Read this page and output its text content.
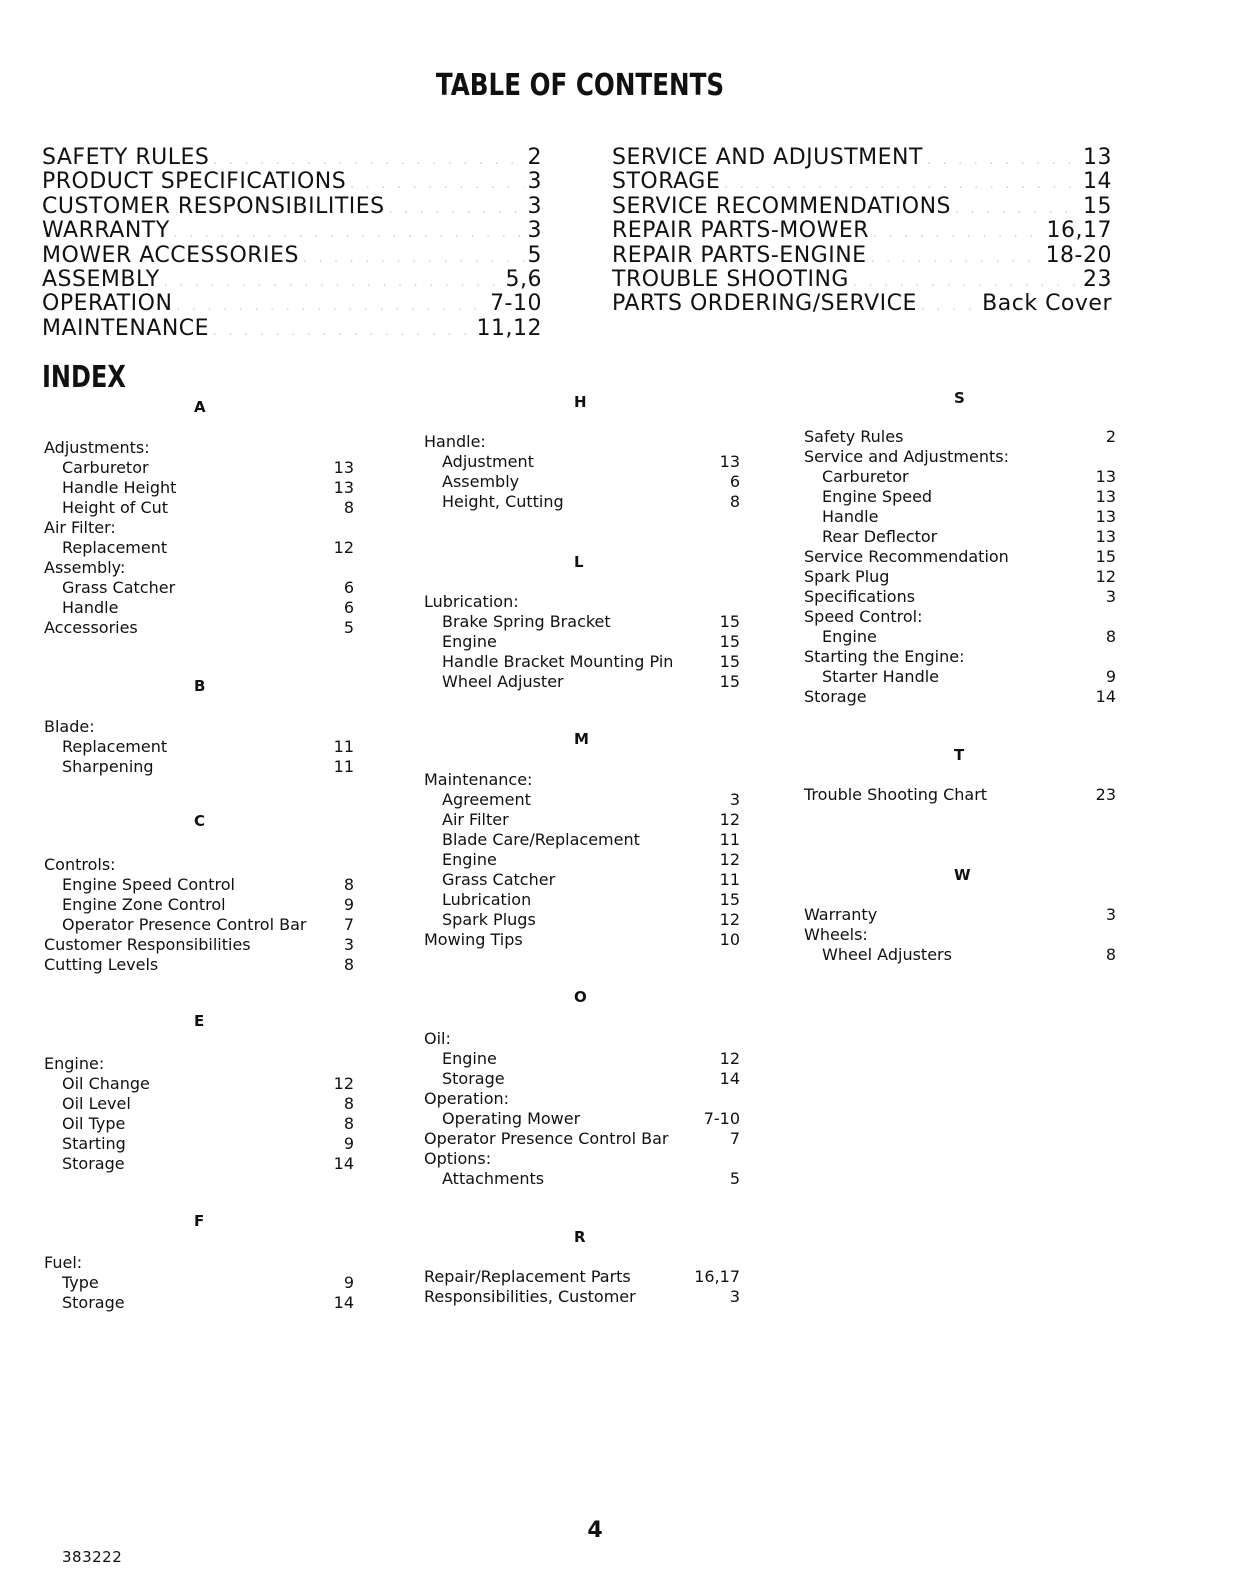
TABLE OF CONTENTS
SAFETY RULES . . .	2
PRODUCT SPECIFICATIONS . . .	3
CUSTOMER RESPONSIBILITIES . . .	3
WARRANTY . . .	3
MOWER ACCESSORIES . . .	5
ASSEMBLY . . .	5,6
OPERATION . . .	7-10
MAINTENANCE . . .	11,12
SERVICE AND ADJUSTMENT . . .	13
STORAGE . . .	14
SERVICE RECOMMENDATIONS . . .	15
REPAIR PARTS-MOWER . . .	16,17
REPAIR PARTS-ENGINE . . .	18-20
TROUBLE SHOOTING . . .	23
PARTS ORDERING/SERVICE . . .	Back Cover
INDEX
A
Adjustments:
Carburetor	13
Handle Height	13
Height of Cut	8
Air Filter:
Replacement	12
Assembly:
Grass Catcher	6
Handle	6
Accessories	5
B
Blade:
Replacement	11
Sharpening	11
C
Controls:
Engine Speed Control	8
Engine Zone Control	9
Operator Presence Control Bar	7
Customer Responsibilities	3
Cutting Levels	8
E
Engine:
Oil Change	12
Oil Level	8
Oil Type	8
Starting	9
Storage	14
F
Fuel:
Type	9
Storage	14
H
Handle:
Adjustment	13
Assembly	6
Height, Cutting	8
L
Lubrication:
Brake Spring Bracket	15
Engine	15
Handle Bracket Mounting Pin	15
Wheel Adjuster	15
M
Maintenance:
Agreement	3
Air Filter	12
Blade Care/Replacement	11
Engine	12
Grass Catcher	11
Lubrication	15
Spark Plugs	12
Mowing Tips	10
O
Oil:
Engine	12
Storage	14
Operation:
Operating Mower	7-10
Operator Presence Control Bar	7
Options:
Attachments	5
R
Repair/Replacement Parts	16,17
Responsibilities, Customer	3
S
Safety Rules	2
Service and Adjustments:
Carburetor	13
Engine Speed	13
Handle	13
Rear Deflector	13
Service Recommendation	15
Spark Plug	12
Specifications	3
Speed Control:
Engine	8
Starting the Engine:
Starter Handle	9
Storage	14
T
Trouble Shooting Chart	23
W
Warranty	3
Wheels:
Wheel Adjusters	8
4
383222
